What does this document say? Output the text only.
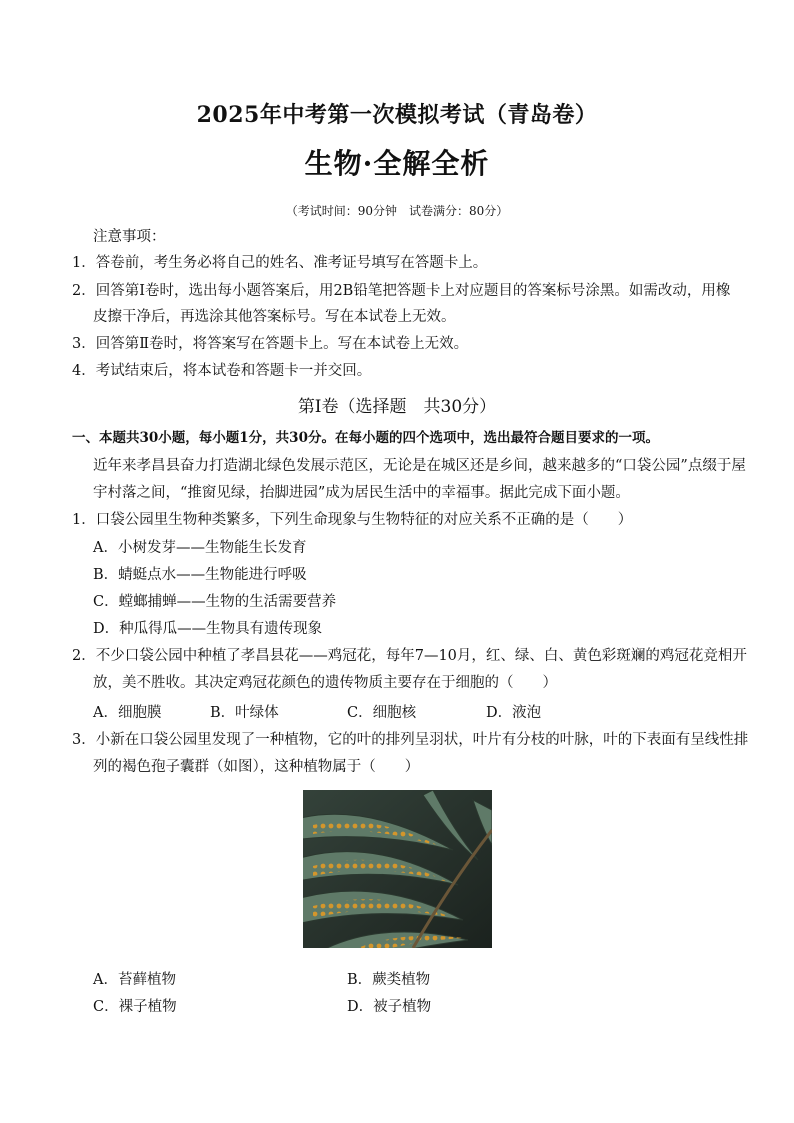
2025年中考第一次模拟考试（青岛卷）
生物·全解全析
（考试时间：90分钟　试卷满分：80分）
注意事项：
1．答卷前，考生务必将自己的姓名、准考证号填写在答题卡上。
2．回答第Ⅰ卷时，选出每小题答案后，用2B铅笔把答题卡上对应题目的答案标号涂黑。如需改动，用橡
皮擦干净后，再选涂其他答案标号。写在本试卷上无效。
3．回答第Ⅱ卷时，将答案写在答题卡上。写在本试卷上无效。
4．考试结束后，将本试卷和答题卡一并交回。
第Ⅰ卷（选择题　共30分）
一、本题共30小题，每小题1分，共30分。在每小题的四个选项中，选出最符合题目要求的一项。
近年来孝昌县奋力打造湖北绿色发展示范区，无论是在城区还是乡间，越来越多的“口袋公园”点缀于屋
宇村落之间，“推窗见绿，抬脚进园”成为居民生活中的幸福事。据此完成下面小题。
1．口袋公园里生物种类繁多，下列生命现象与生物特征的对应关系不正确的是（　　）
A．小树发芽——生物能生长发育
B．蜻蜓点水——生物能进行呼吸
C．螳螂捕蝉——生物的生活需要营养
D．种瓜得瓜——生物具有遗传现象
2．不少口袋公园中种植了孝昌县花——鸡冠花，每年7—10月，红、绿、白、黄色彩斑斓的鸡冠花竞相开
放，美不胜收。其决定鸡冠花颜色的遗传物质主要存在于细胞的（　　）
A．细胞膜	B．叶绿体	C．细胞核	D．液泡
3．小新在口袋公园里发现了一种植物，它的叶的排列呈羽状，叶片有分枝的叶脉，叶的下表面有呈线性排
列的褐色孢子囊群（如图），这种植物属于（　　）
A．苔藓植物	B．蕨类植物
C．裸子植物	D．被子植物
